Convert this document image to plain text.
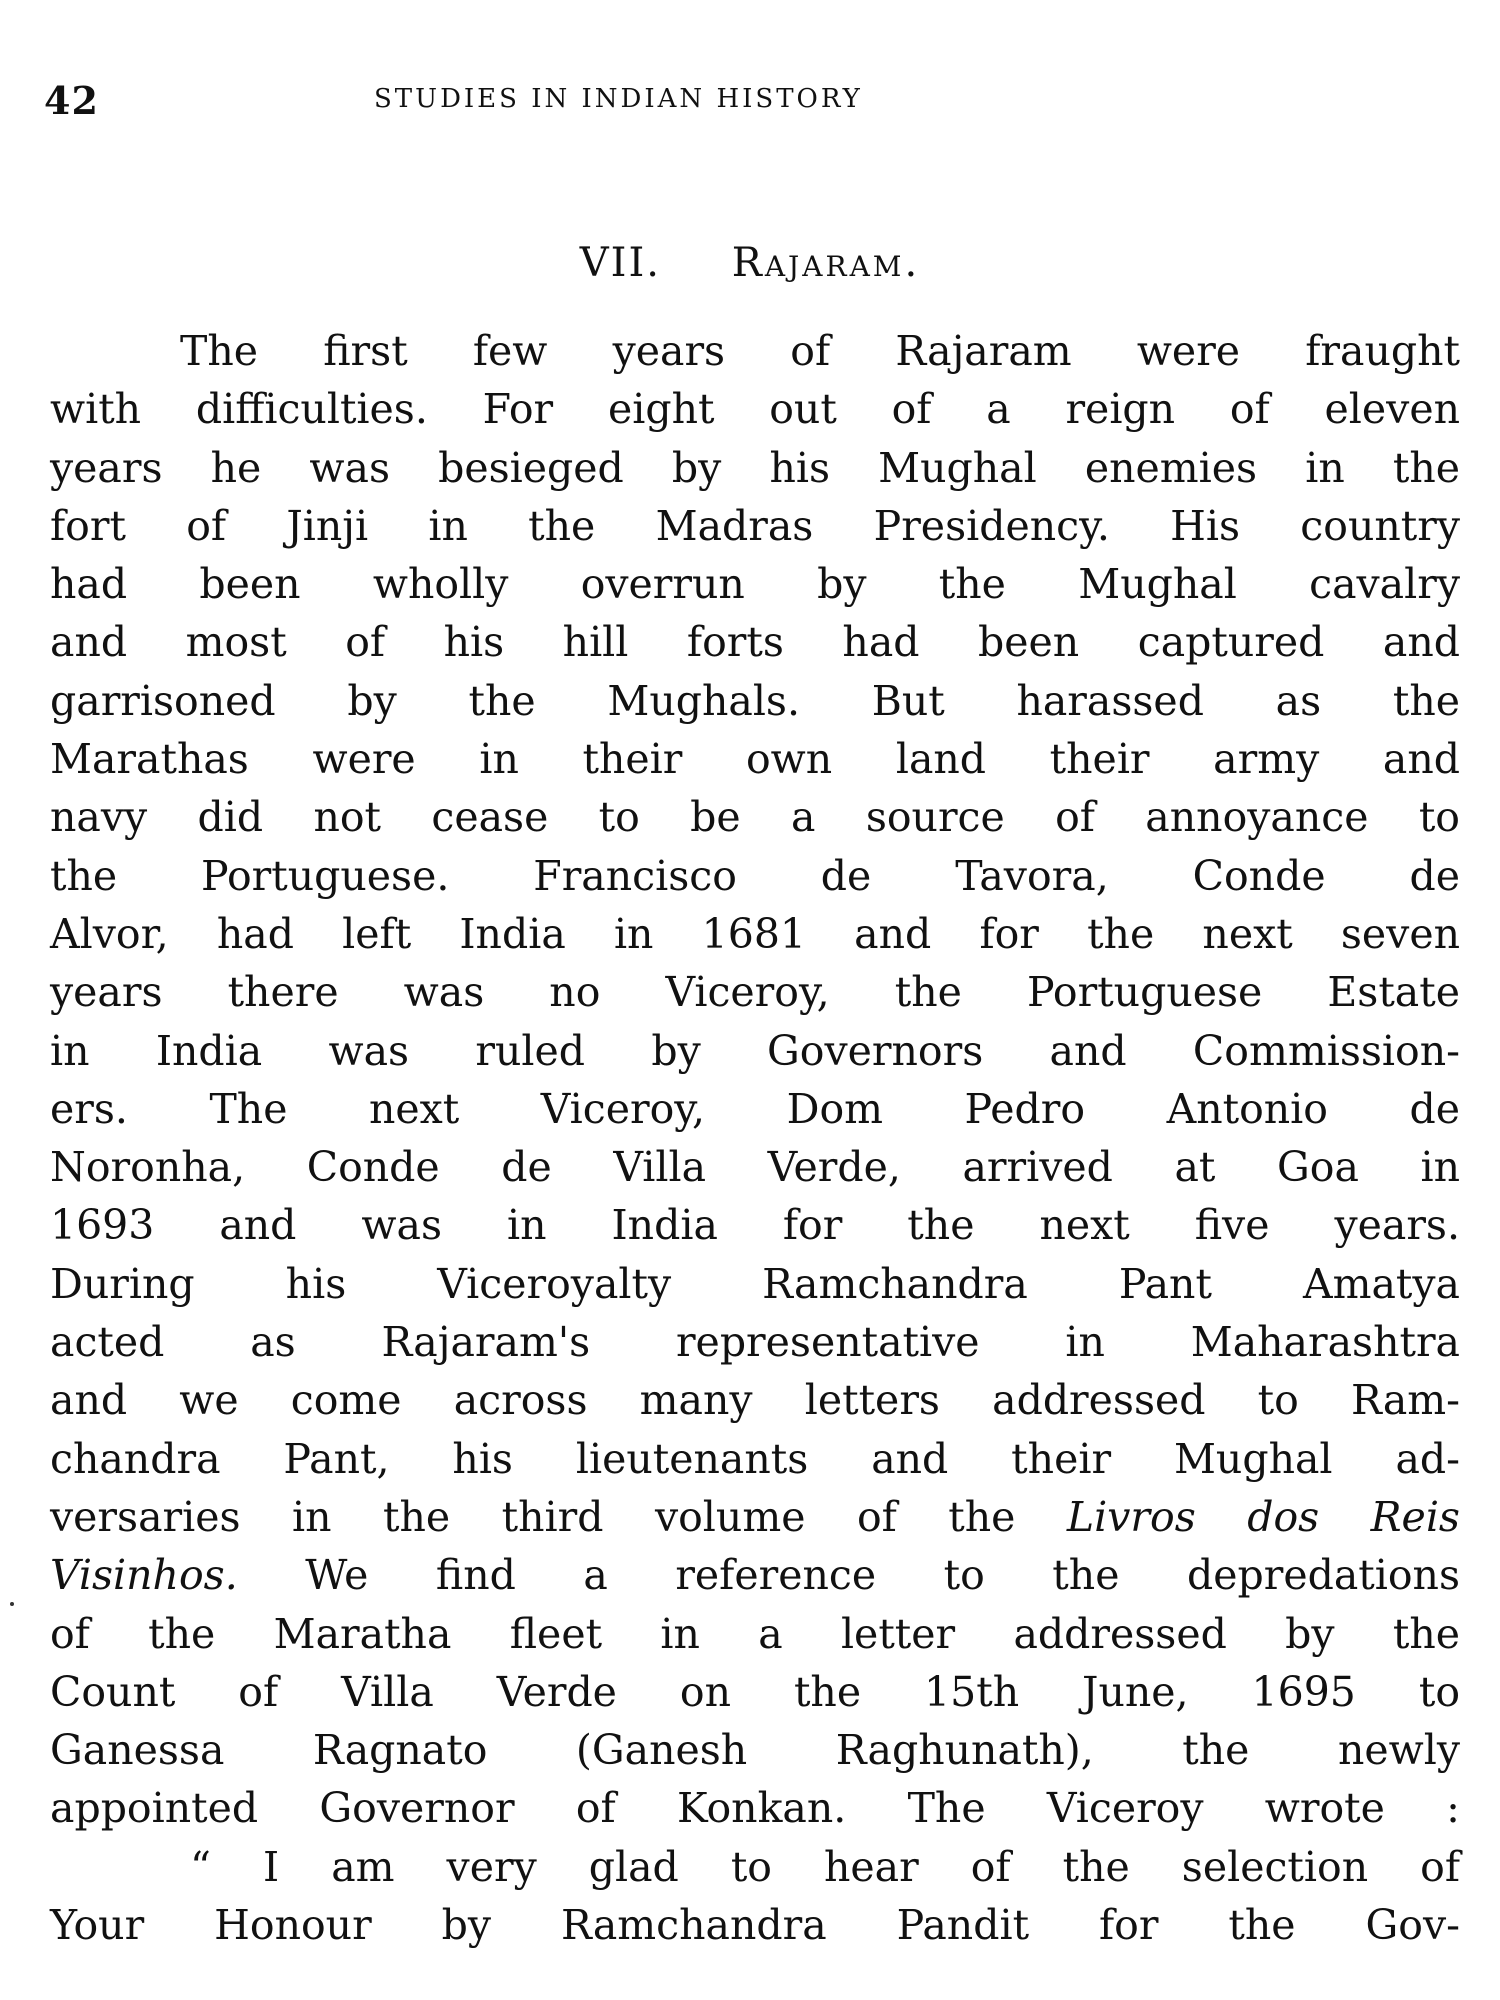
42	STUDIES IN INDIAN HISTORY
VII. Rajaram.
The first few years of Rajaram were fraught
with difficulties. For eight out of a reign of eleven
years he was besieged by his Mughal enemies in the
fort of Jinji in the Madras Presidency. His country
had been wholly overrun by the Mughal cavalry
and most of his hill forts had been captured and
garrisoned by the Mughals. But harassed as the
Marathas were in their own land their army and
navy did not cease to be a source of annoyance to
the Portuguese. Francisco de Tavora, Conde de
Alvor, had left India in 1681 and for the next seven
years there was no Viceroy, the Portuguese Estate
in India was ruled by Governors and Commission-
ers. The next Viceroy, Dom Pedro Antonio de
Noronha, Conde de Villa Verde, arrived at Goa in
1693 and was in India for the next five years.
During his Viceroyalty Ramchandra Pant Amatya
acted as Rajaram's representative in Maharashtra
and we come across many letters addressed to Ram-
chandra Pant, his lieutenants and their Mughal ad-
versaries in the third volume of the Livros dos Reis
Visinhos. We find a reference to the depredations
of the Maratha fleet in a letter addressed by the
Count of Villa Verde on the 15th June, 1695 to
Ganessa Ragnato (Ganesh Raghunath), the newly
appointed Governor of Konkan. The Viceroy wrote :
“ I am very glad to hear of the selection of
Your Honour by Ramchandra Pandit for the Gov-
